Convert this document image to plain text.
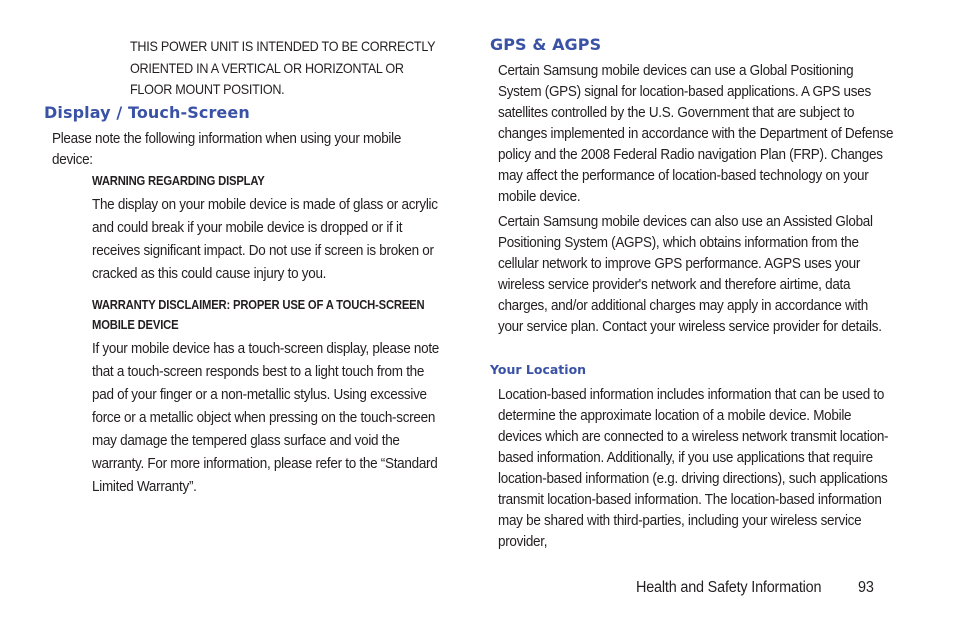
THIS POWER UNIT IS INTENDED TO BE CORRECTLY ORIENTED IN A VERTICAL OR HORIZONTAL OR FLOOR MOUNT POSITION.

Display / Touch-Screen

Please note the following information when using your mobile device:

WARNING REGARDING DISPLAY

The display on your mobile device is made of glass or acrylic and could break if your mobile device is dropped or if it receives significant impact. Do not use if screen is broken or cracked as this could cause injury to you.

WARRANTY DISCLAIMER: PROPER USE OF A TOUCH-SCREEN MOBILE DEVICE

If your mobile device has a touch-screen display, please note that a touch-screen responds best to a light touch from the pad of your finger or a non-metallic stylus. Using excessive force or a metallic object when pressing on the touch-screen may damage the tempered glass surface and void the warranty. For more information, please refer to the “Standard Limited Warranty”.

GPS & AGPS

Certain Samsung mobile devices can use a Global Positioning System (GPS) signal for location-based applications. A GPS uses satellites controlled by the U.S. Government that are subject to changes implemented in accordance with the Department of Defense policy and the 2008 Federal Radio navigation Plan (FRP). Changes may affect the performance of location-based technology on your mobile device.

Certain Samsung mobile devices can also use an Assisted Global Positioning System (AGPS), which obtains information from the cellular network to improve GPS performance. AGPS uses your wireless service provider's network and therefore airtime, data charges, and/or additional charges may apply in accordance with your service plan. Contact your wireless service provider for details.

Your Location

Location-based information includes information that can be used to determine the approximate location of a mobile device. Mobile devices which are connected to a wireless network transmit location-based information. Additionally, if you use applications that require location-based information (e.g. driving directions), such applications transmit location-based information. The location-based information may be shared with third-parties, including your wireless service provider,

Health and Safety Information 93
